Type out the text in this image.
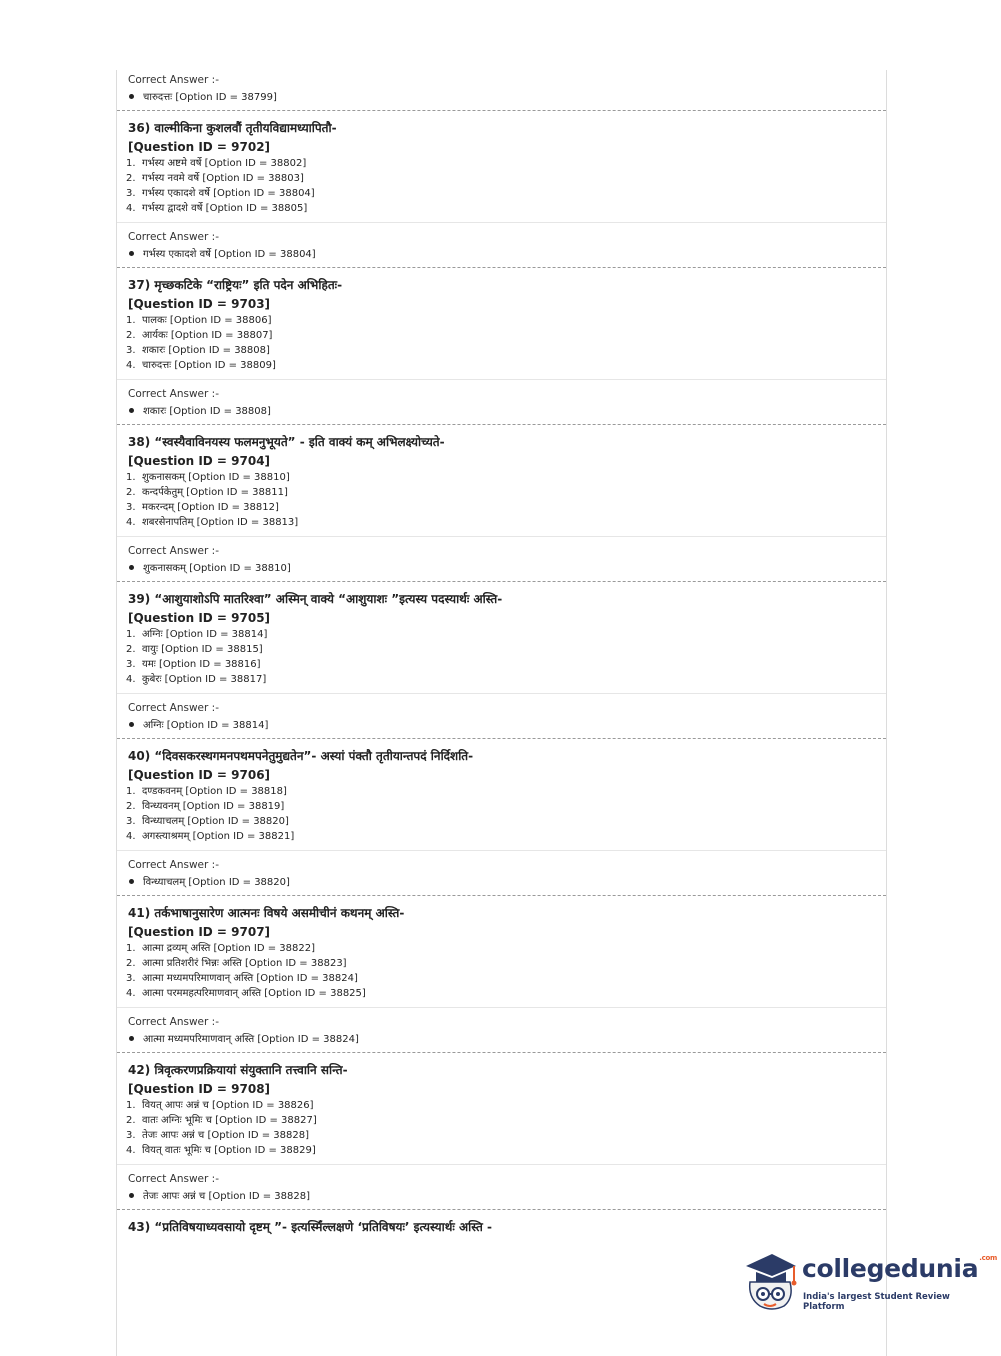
Correct Answer :-
चारुदत्तः [Option ID = 38799]
36) वाल्मीकिना कुशलवौं तृतीयविद्यामध्यापितौ-
[Question ID = 9702]
1. गर्भस्य अष्टमे वर्षे [Option ID = 38802]
2. गर्भस्य नवमे वर्षे [Option ID = 38803]
3. गर्भस्य एकादशे वर्षे [Option ID = 38804]
4. गर्भस्य द्वादशे वर्षे [Option ID = 38805]
Correct Answer :-
गर्भस्य एकादशे वर्षे [Option ID = 38804]
37) मृच्छकटिके “राष्ट्रियः” इति पदेन अभिहितः-
[Question ID = 9703]
1. पालकः [Option ID = 38806]
2. आर्यकः [Option ID = 38807]
3. शकारः [Option ID = 38808]
4. चारुदत्तः [Option ID = 38809]
Correct Answer :-
शकारः [Option ID = 38808]
38) “स्वस्यैवाविनयस्य फलमनुभूयते” - इति वाक्यं कम् अभिलक्ष्योच्यते-
[Question ID = 9704]
1. शुकनासकम् [Option ID = 38810]
2. कन्दर्पकेतुम् [Option ID = 38811]
3. मकरन्दम् [Option ID = 38812]
4. शबरसेनापतिम् [Option ID = 38813]
Correct Answer :-
शुकनासकम् [Option ID = 38810]
39) “आशुयाशोऽपि मातरिश्वा” अस्मिन् वाक्ये “आशुयाशः ”इत्यस्य पदस्यार्थः अस्ति-
[Question ID = 9705]
1. अग्निः [Option ID = 38814]
2. वायुः [Option ID = 38815]
3. यमः [Option ID = 38816]
4. कुबेरः [Option ID = 38817]
Correct Answer :-
अग्निः [Option ID = 38814]
40) “दिवसकरस्थगमनपथमपनेतुमुद्यतेन”- अस्यां पंक्तौ तृतीयान्तपदं निर्दिशति-
[Question ID = 9706]
1. दण्डकवनम् [Option ID = 38818]
2. विन्ध्यवनम् [Option ID = 38819]
3. विन्ध्याचलम् [Option ID = 38820]
4. अगस्त्याश्रमम् [Option ID = 38821]
Correct Answer :-
विन्ध्याचलम् [Option ID = 38820]
41) तर्कभाषानुसारेण आत्मनः विषये असमीचीनं कथनम् अस्ति-
[Question ID = 9707]
1. आत्मा द्रव्यम् अस्ति [Option ID = 38822]
2. आत्मा प्रतिशरीरं भिन्नः अस्ति [Option ID = 38823]
3. आत्मा मध्यमपरिमाणवान् अस्ति [Option ID = 38824]
4. आत्मा परममहत्परिमाणवान् अस्ति [Option ID = 38825]
Correct Answer :-
आत्मा मध्यमपरिमाणवान् अस्ति [Option ID = 38824]
42) त्रिवृत्करणप्रक्रियायां संयुक्तानि तत्त्वानि सन्ति-
[Question ID = 9708]
1. वियत् आपः अन्नं च [Option ID = 38826]
2. वातः अग्निः भूमिः च [Option ID = 38827]
3. तेजः आपः अन्नं च [Option ID = 38828]
4. वियत् वातः भूमिः च [Option ID = 38829]
Correct Answer :-
तेजः आपः अन्नं च [Option ID = 38828]
43) “प्रतिविषयाध्यवसायो दृष्टम् ”- इत्यस्मिँल्लक्षणे ‘प्रतिविषयः’ इत्यस्यार्थः अस्ति -
collegedunia$^{.com}$
India's largest Student Review Platform
